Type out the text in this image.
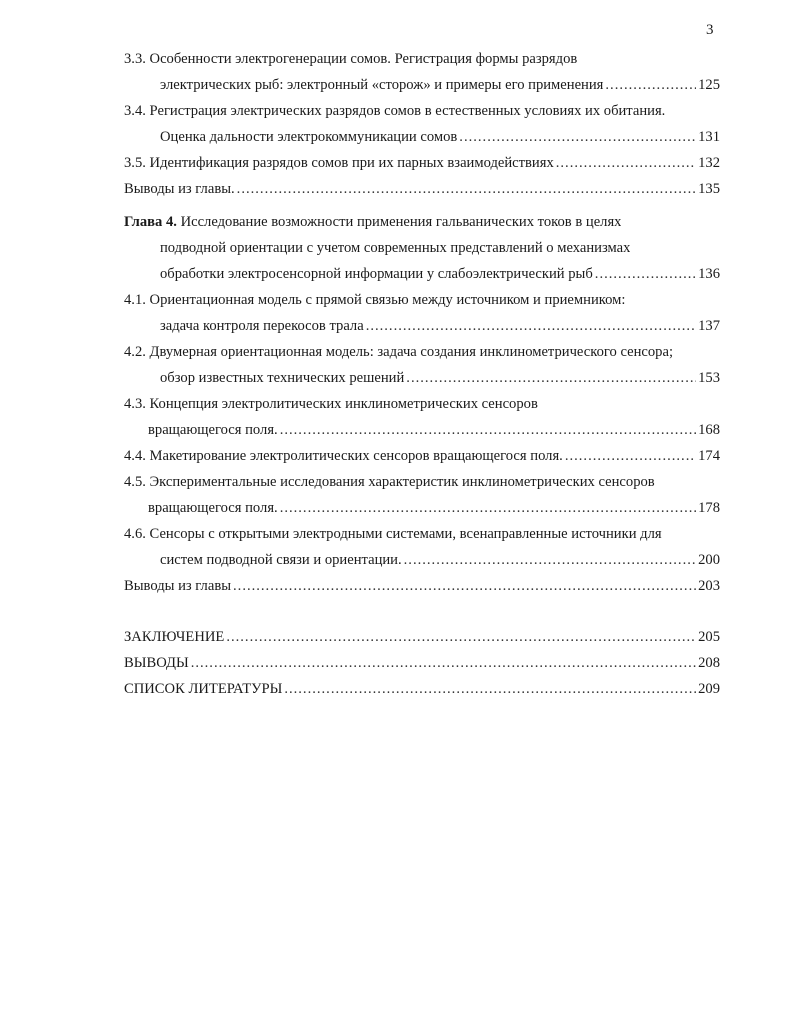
3
3.3. Особенности электрогенерации сомов. Регистрация формы разрядов
электрических рыб: электронный «сторож» и примеры его применения .....	125
3.4. Регистрация электрических разрядов сомов в естественных условиях их обитания.
Оценка дальности электрокоммуникации сомов .....	131
3.5. Идентификация разрядов сомов при их парных взаимодействиях .....	132
Выводы из главы. .....	135
Глава 4. Исследование возможности применения гальванических токов в целях
подводной ориентации с учетом современных представлений о механизмах
обработки электросенсорной информации у слабоэлектрический рыб .....	136
4.1. Ориентационная модель с прямой связью между источником и приемником:
задача контроля перекосов трала .....	137
4.2. Двумерная ориентационная модель: задача создания инклинометрического сенсора;
обзор известных технических решений .....	153
4.3. Концепция электролитических инклинометрических сенсоров
вращающегося поля. .....	168
4.4. Макетирование электролитических сенсоров вращающегося поля. .....	174
4.5. Экспериментальные исследования характеристик инклинометрических сенсоров
вращающегося поля. .....	178
4.6. Сенсоры с открытыми электродными системами, всенаправленные источники для
систем подводной связи и ориентации. .....	200
Выводы из главы .....	203
ЗАКЛЮЧЕНИЕ .....	205
ВЫВОДЫ .....	208
СПИСОК ЛИТЕРАТУРЫ .....	209
